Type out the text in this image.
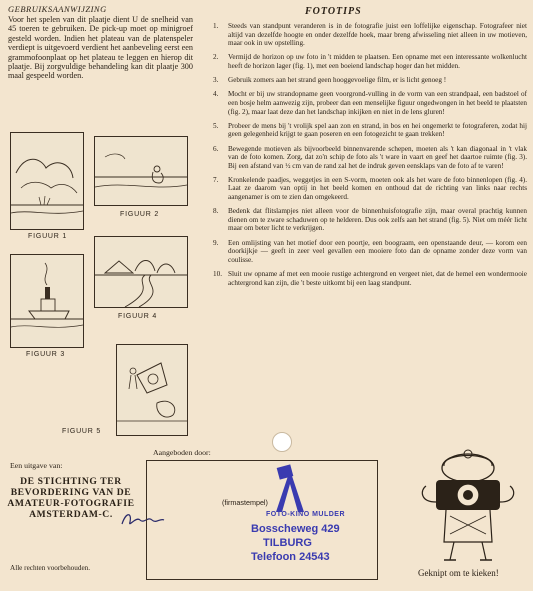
GEBRUIKSAANWIJZING
Voor het spelen van dit plaatje dient U de snelheid van 45 toeren te gebruiken. De pick-up moet op minigroef gesteld worden. Indien het plateau van de platenspeler verdiept is uitgevoerd verdient het aanbeveling eerst een grammofoonplaat op het plateau te leggen en hierop dit plaatje. Bij zorgvuldige behandeling kan dit plaatje 300 maal gespeeld worden.
FIGUUR 1
FIGUUR 2
FIGUUR 3
FIGUUR 4
FIGUUR 5
FOTOTIPS
1. Steeds van standpunt veranderen is in de fotografie juist een loffelijke eigenschap. Fotografeer niet altijd van dezelfde hoogte en onder dezelfde hoek, maar breng afwisseling niet alleen in uw motieven, maar ook in uw opstelling.
2. Vermijd de horizon op uw foto in 't midden te plaatsen. Een opname met een interessante wolkenlucht heeft de horizon lager (fig. 1), met een boeiend landschap hoger dan het midden.
3. Gebruik zomers aan het strand geen hooggevoelige film, er is licht genoeg !
4. Mocht er bij uw strandopname geen voorgrond-vulling in de vorm van een strandpaal, een badstoel of een bosje helm aanwezig zijn, probeer dan een menselijke figuur ongedwongen in het beeld te plaatsten (fig. 2), maar laat deze dan het landschap inkijken en niet in de lens gluren!
5. Probeer de mens bij 't vrolijk spel aan zon en strand, in bos en hei ongemerkt te fotograferen, zodat hij geen gelegenheid krijgt te gaan poseren en een fotogezicht te gaan trekken!
6. Bewegende motieven als bijvoorbeeld binnenvarende schepen, moeten als 't kan diagonaal in 't vlak van de foto komen. Zorg, dat zo'n schip de foto als 't ware in vaart en geef het daartoe ruimte (fig. 3). Bij een afstand van ½ cm van de rand zal het de indruk geven eensklaps van de foto af te varen!
7. Kronkelende paadjes, weggetjes in een S-vorm, moeten ook als het ware de foto binnenlopen (fig. 4). Laat ze daarom van optij in het beeld komen en onthoud dat de richting van links naar rechts aangenamer is om te zien dan omgekeerd.
8. Bedenk dat flitslampjes niet alleen voor de binnenhuisfotografie zijn, maar overal prachtig kunnen dienen om te zware schaduwen op te helderen. Dus ook zelfs aan het strand (fig. 5). Niet om méér licht maar om beter licht te verkrijgen.
9. Een omlijsting van het motief door een poortje, een boograam, een openstaande deur, — korom een doorkijkje — geeft in zeer veel gevallen een mooiere foto dan de opname zonder deze vorm van coulisse.
10. Sluit uw opname af met een mooie rustige achtergrond en vergeet niet, dat de hemel een wondermooie achtergrond kan zijn, die 't beste uitkomt bij een laag standpunt.
Een uitgave van:
DE STICHTING TER BEVORDERING VAN DE AMATEUR-FOTOGRAFIE AMSTERDAM-C.
Alle rechten voorbehouden.
Aangeboden door:
(firmastempel)
FOTO-KINO MULDER
Bosscheweg 429
TILBURG
Telefoon 24543
Geknipt om te kieken!
